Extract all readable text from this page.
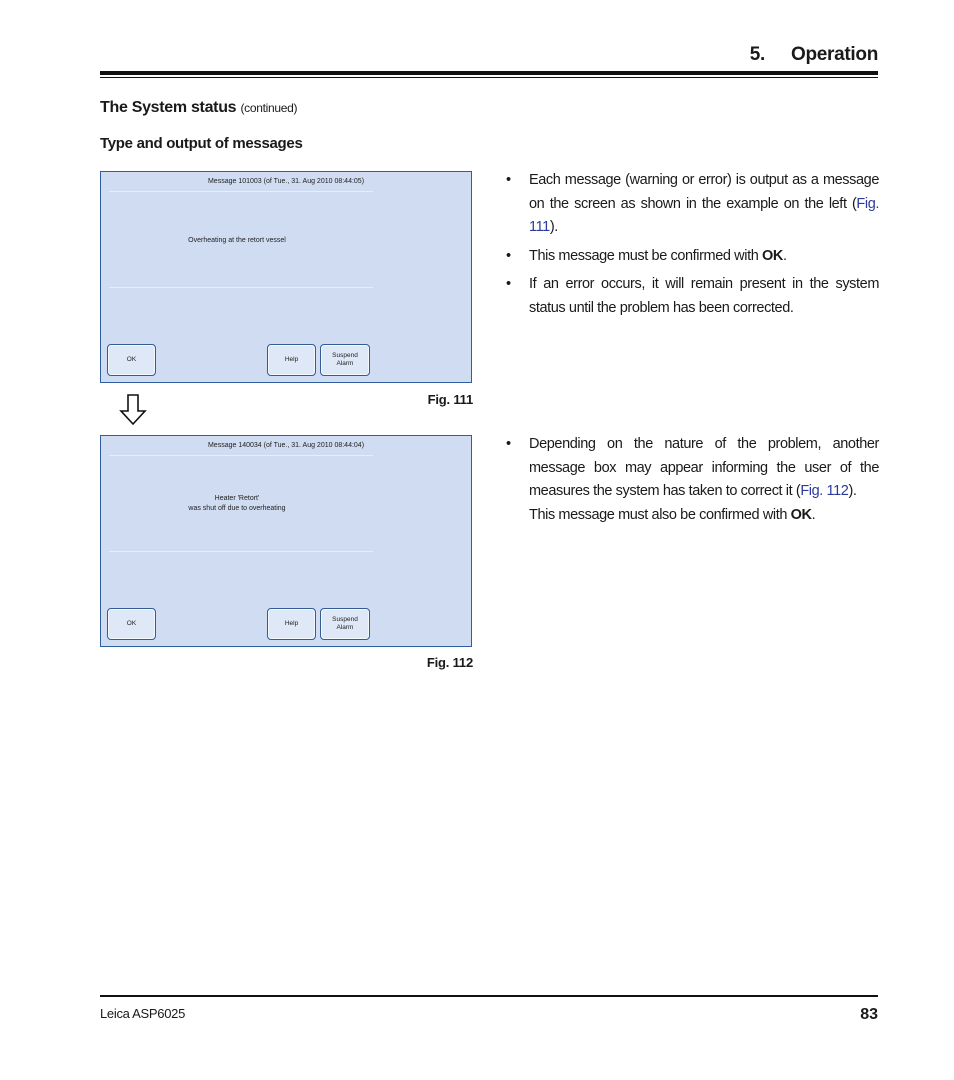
5. Operation
The System status (continued)
Type and output of messages
Message 101003 (of Tue., 31. Aug 2010 08:44:05)
Overheating at the retort vessel
OK	Help
Suspend
Alarm
Fig. 111
Message 140034 (of Tue., 31. Aug 2010 08:44:04)
Heater 'Retort'
was shut off due to overheating
OK	Help
Suspend
Alarm
Fig. 112
• Each message (warning or error) is output as a message on the screen as shown in the example on the left (Fig. 111).
• This message must be confirmed with OK.
• If an error occurs, it will remain present in the system status until the problem has been corrected.
• Depending on the nature of the problem, another message box may appear informing the user of the measures the system has taken to correct it (Fig. 112).
This message must also be confirmed with OK.
Leica ASP6025	83
